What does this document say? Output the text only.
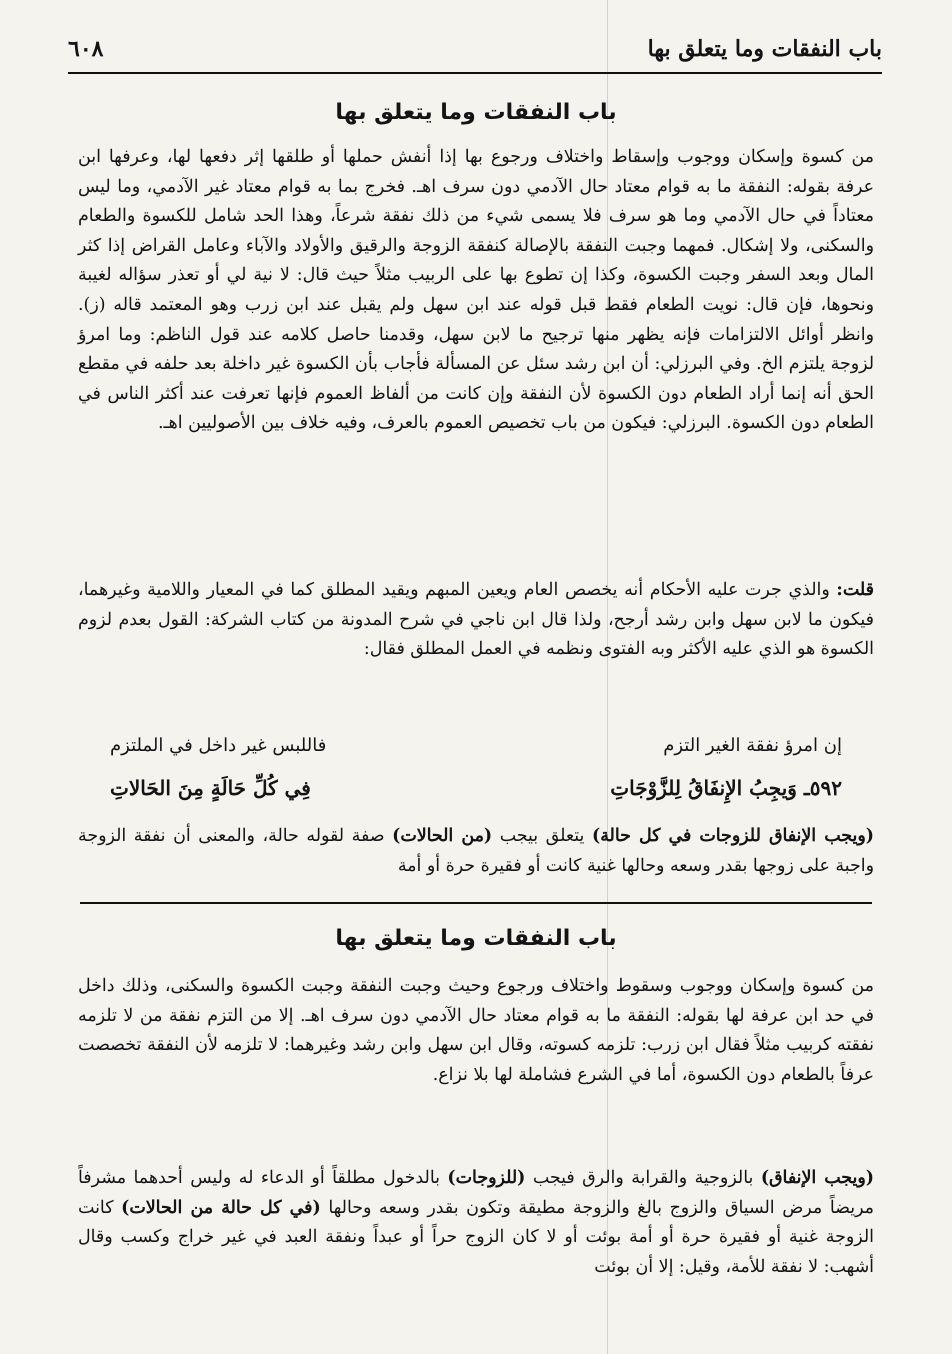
باب النفقات وما يتعلق بها
٦٠٨
باب النفقات وما يتعلق بها

من كسوة وإسكان ووجوب وإسقاط واختلاف ورجوع بها إذا أنفش حملها أو طلقها إثر دفعها لها، وعرفها ابن عرفة بقوله: النفقة ما به قوام معتاد حال الآدمي دون سرف اهـ. فخرج بما به قوام معتاد غير الآدمي، وما ليس معتاداً في حال الآدمي وما هو سرف فلا يسمى شيء من ذلك نفقة شرعاً، وهذا الحد شامل للكسوة والطعام والسكنى، ولا إشكال. فمهما وجبت النفقة بالإصالة كنفقة الزوجة والرقيق والأولاد والآباء وعامل القراض إذا كثر المال وبعد السفر وجبت الكسوة، وكذا إن تطوع بها على الربيب مثلاً حيث قال: لا نية لي أو تعذر سؤاله لغيبة ونحوها، فإن قال: نويت الطعام فقط قبل قوله عند ابن سهل ولم يقبل عند ابن زرب وهو المعتمد قاله (ز). وانظر أوائل الالتزامات فإنه يظهر منها ترجيح ما لابن سهل، وقدمنا حاصل كلامه عند قول الناظم: وما امرؤ لزوجة يلتزم الخ. وفي البرزلي: أن ابن رشد سئل عن المسألة فأجاب بأن الكسوة غير داخلة بعد حلفه في مقطع الحق أنه إنما أراد الطعام دون الكسوة لأن النفقة وإن كانت من ألفاظ العموم فإنها تعرفت عند أكثر الناس في الطعام دون الكسوة. البرزلي: فيكون من باب تخصيص العموم بالعرف، وفيه خلاف بين الأصوليين اهـ.

قلت: والذي جرت عليه الأحكام أنه يخصص العام ويعين المبهم ويقيد المطلق كما في المعيار واللامية وغيرهما، فيكون ما لابن سهل وابن رشد أرجح، ولذا قال ابن ناجي في شرح المدونة من كتاب الشركة: القول بعدم لزوم الكسوة هو الذي عليه الأكثر وبه الفتوى ونظمه في العمل المطلق فقال:

إن امرؤ نفقة الغير التزم
فاللبس غير داخل في الملتزم
٥٩٢ـ وَيجِبُ الإِنفَاقُ لِلزَّوْجَاتِ
فِي كُلِّ حَالَةٍ مِنَ الحَالاتِ

(ويجب الإنفاق للزوجات في كل حالة) يتعلق بيجب (من الحالات) صفة لقوله حالة، والمعنى أن نفقة الزوجة واجبة على زوجها بقدر وسعه وحالها غنية كانت أو فقيرة حرة أو أمة

باب النفقات وما يتعلق بها

من كسوة وإسكان ووجوب وسقوط واختلاف ورجوع وحيث وجبت النفقة وجبت الكسوة والسكنى، وذلك داخل في حد ابن عرفة لها بقوله: النفقة ما به قوام معتاد حال الآدمي دون سرف اهـ. إلا من التزم نفقة من لا تلزمه نفقته كربيب مثلاً فقال ابن زرب: تلزمه كسوته، وقال ابن سهل وابن رشد وغيرهما: لا تلزمه لأن النفقة تخصصت عرفاً بالطعام دون الكسوة، أما في الشرع فشاملة لها بلا نزاع.

(ويجب الإنفاق) بالزوجية والقرابة والرق فيجب (للزوجات) بالدخول مطلقاً أو الدعاء له وليس أحدهما مشرفاً مريضاً مرض السياق والزوج بالغ والزوجة مطيقة وتكون بقدر وسعه وحالها (في كل حالة من الحالات) كانت الزوجة غنية أو فقيرة حرة أو أمة بوئت أو لا كان الزوج حراً أو عبداً ونفقة العبد في غير خراج وكسب وقال أشهب: لا نفقة للأمة، وقيل: إلا أن بوئت
